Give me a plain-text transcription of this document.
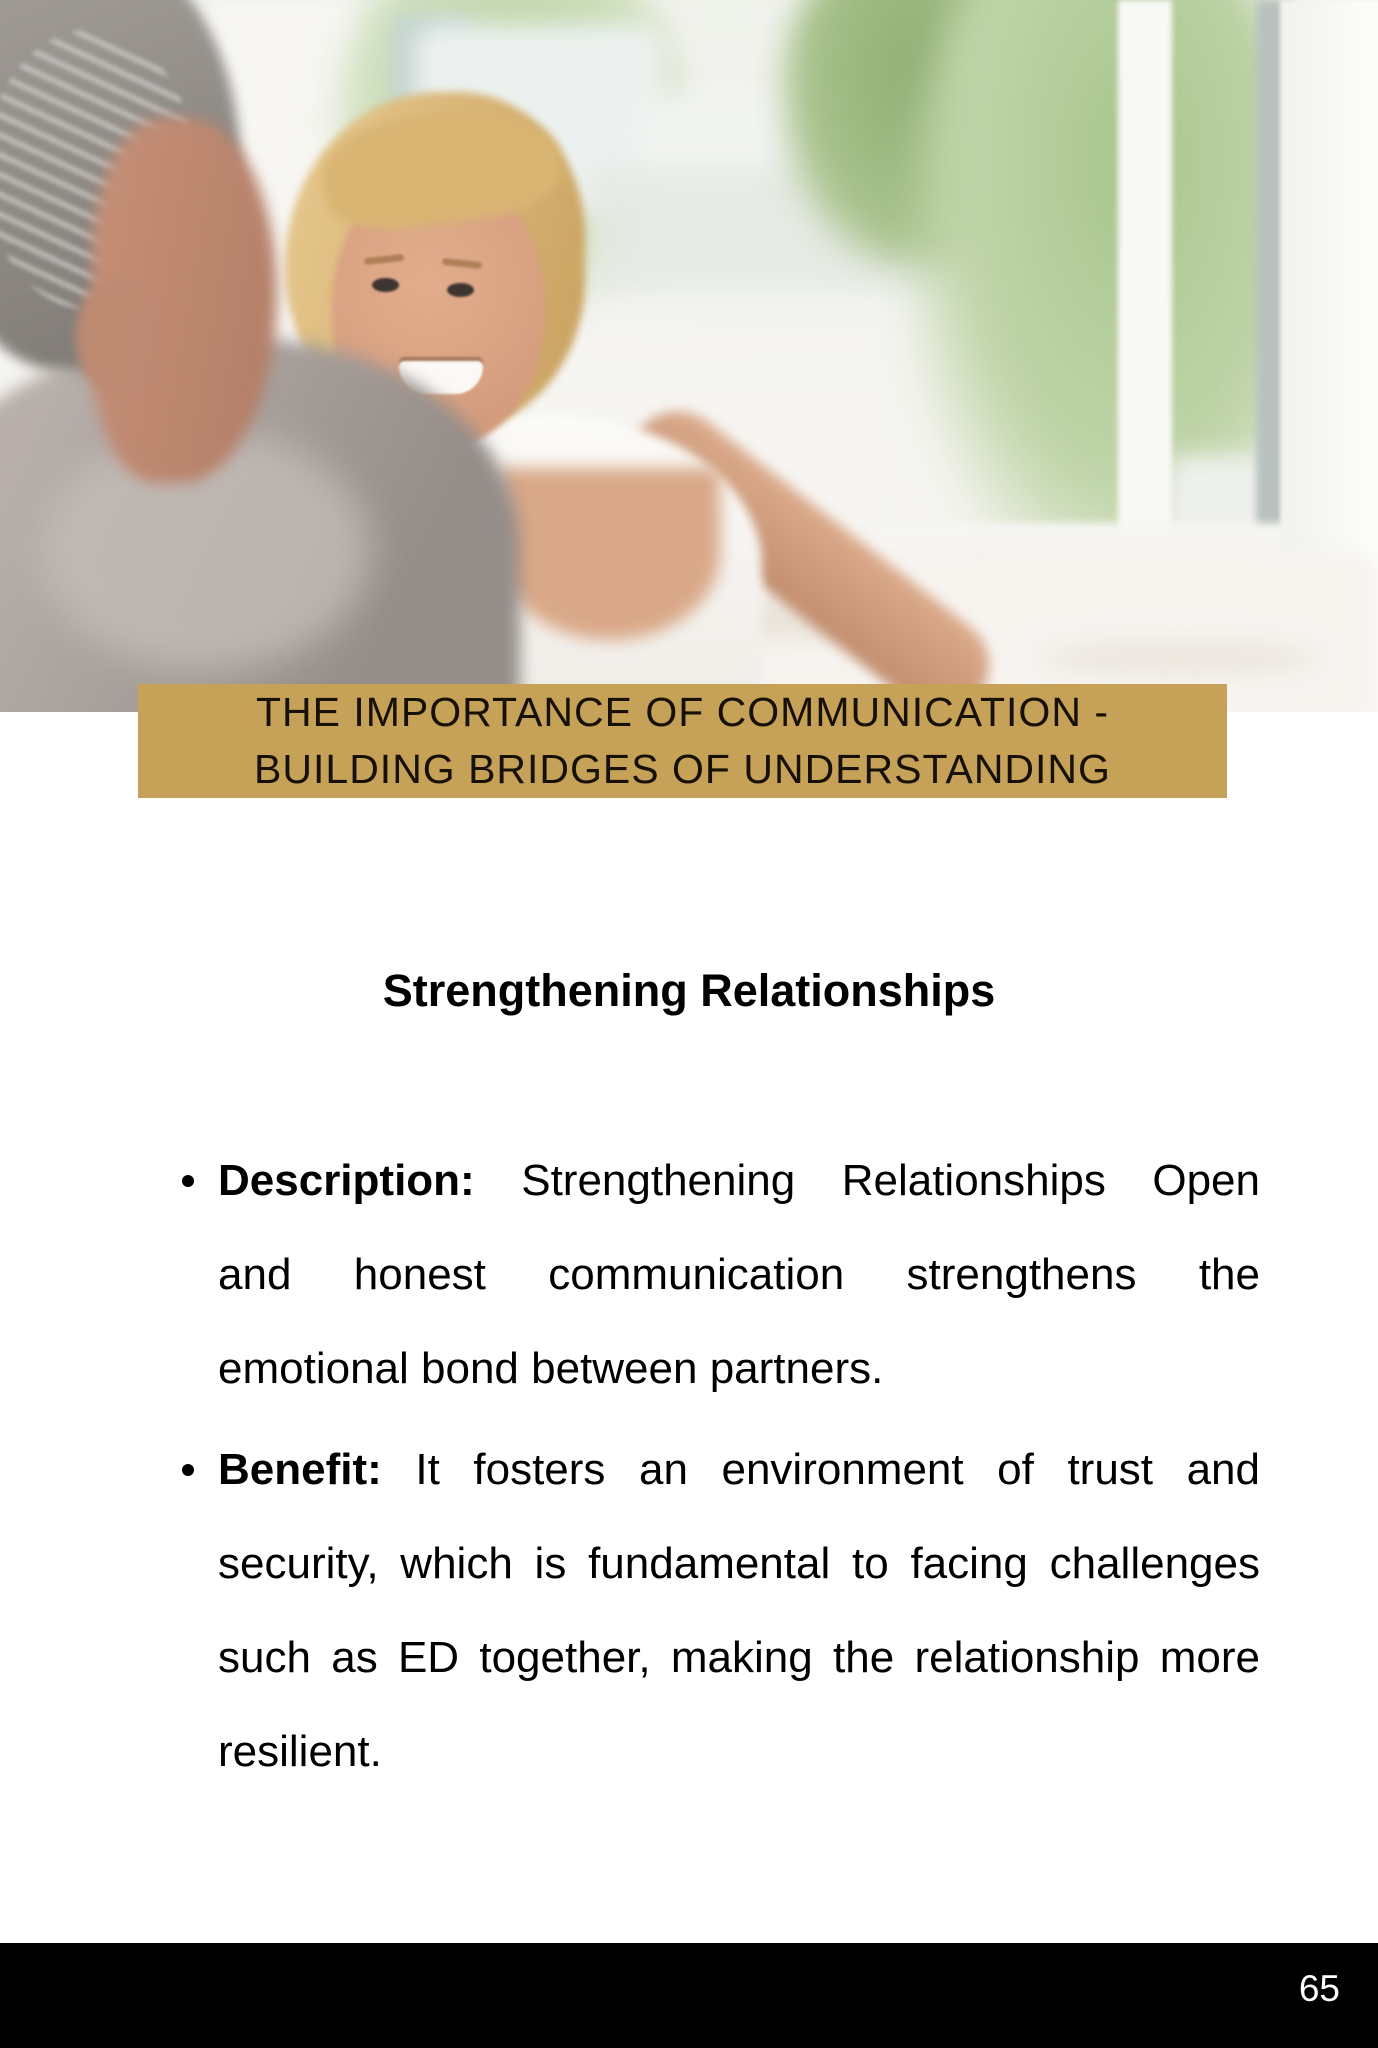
THE IMPORTANCE OF COMMUNICATION -
BUILDING BRIDGES OF UNDERSTANDING
Strengthening Relationships
Description: Strengthening Relationships Open
and honest communication strengthens the
emotional bond between partners.
Benefit: It fosters an environment of trust and
security, which is fundamental to facing challenges
such as ED together, making the relationship more
resilient.
65
